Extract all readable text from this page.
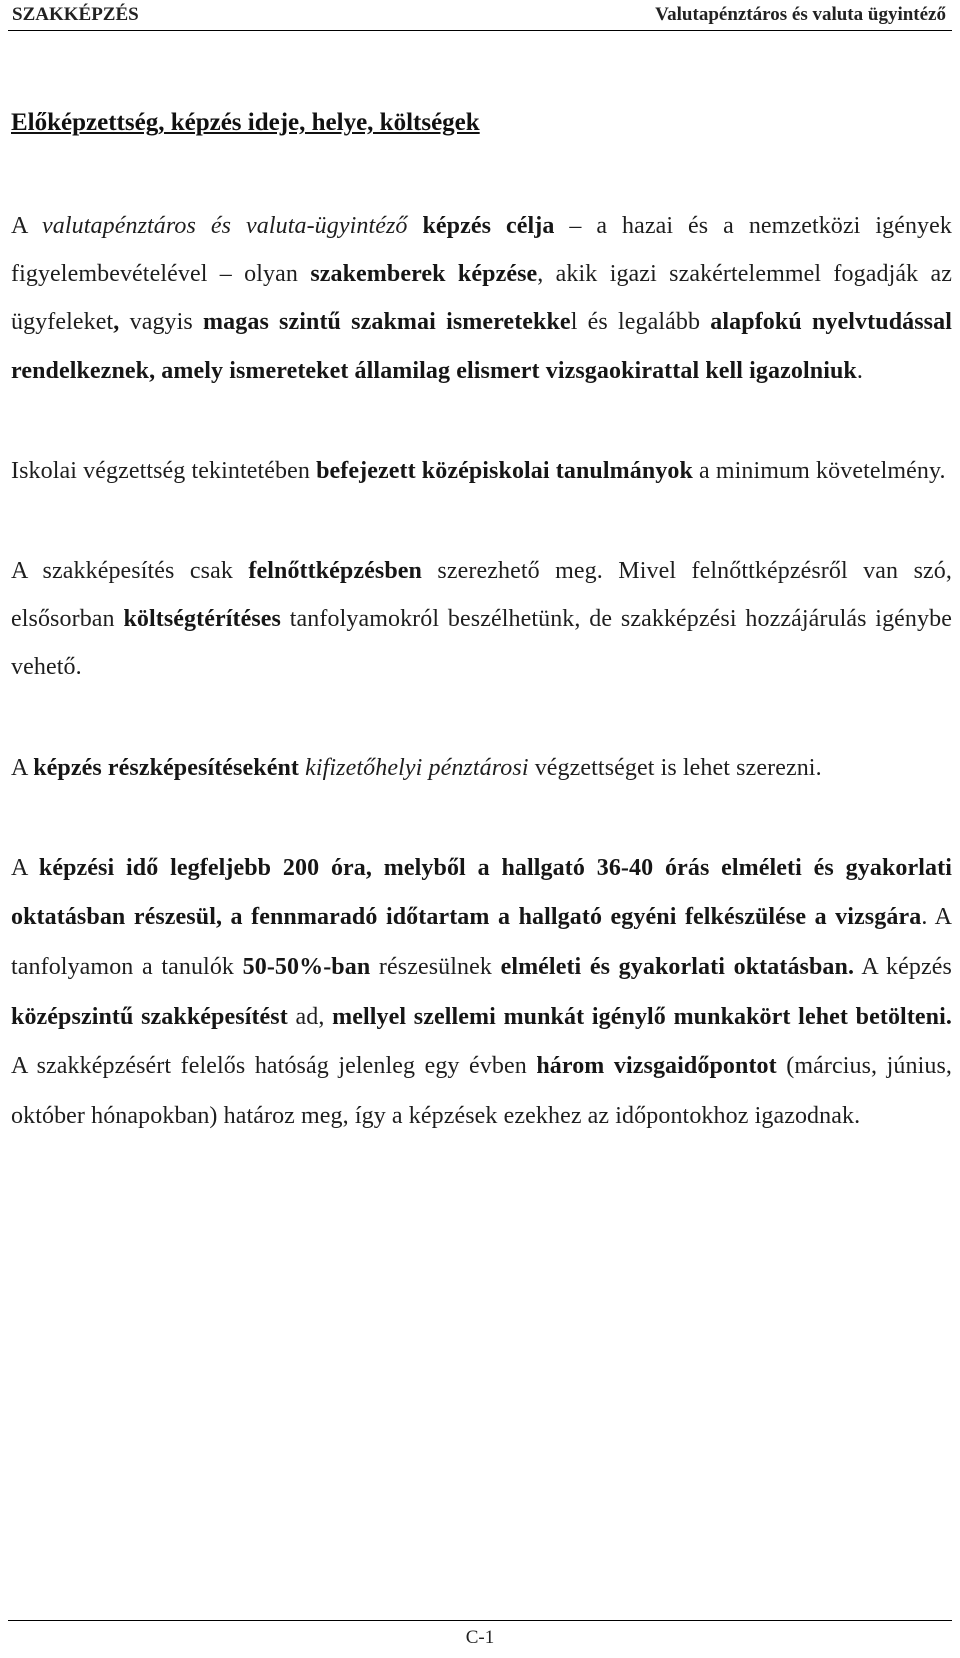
SZAKKÉPZÉS	Valutapénztáros és valuta ügyintéző
Előképzettség, képzés ideje, helye, költségek

A valutapénztáros és valuta-ügyintéző képzés célja – a hazai és a nemzetközi igények figyelembevételével – olyan szakemberek képzése, akik igazi szakértelemmel fogadják az ügyfeleket, vagyis magas szintű szakmai ismeretekkel és legalább alapfokú nyelvtudással rendelkeznek, amely ismereteket államilag elismert vizsgaokirattal kell igazolniuk.

Iskolai végzettség tekintetében befejezett középiskolai tanulmányok a minimum követelmény.

A szakképesítés csak felnőttképzésben szerezhető meg. Mivel felnőttképzésről van szó, elsősorban költségtérítéses tanfolyamokról beszélhetünk, de szakképzési hozzájárulás igénybe vehető.

A képzés részképesítéseként kifizetőhelyi pénztárosi végzettséget is lehet szerezni.

A képzési idő legfeljebb 200 óra, melyből a hallgató 36-40 órás elméleti és gyakorlati oktatásban részesül, a fennmaradó időtartam a hallgató egyéni felkészülése a vizsgára. A tanfolyamon a tanulók 50-50%-ban részesülnek elméleti és gyakorlati oktatásban. A képzés középszintű szakképesítést ad, mellyel szellemi munkát igénylő munkakört lehet betölteni. A szakképzésért felelős hatóság jelenleg egy évben három vizsgaidőpontot (március, június, október hónapokban) határoz meg, így a képzések ezekhez az időpontokhoz igazodnak.

C-1
